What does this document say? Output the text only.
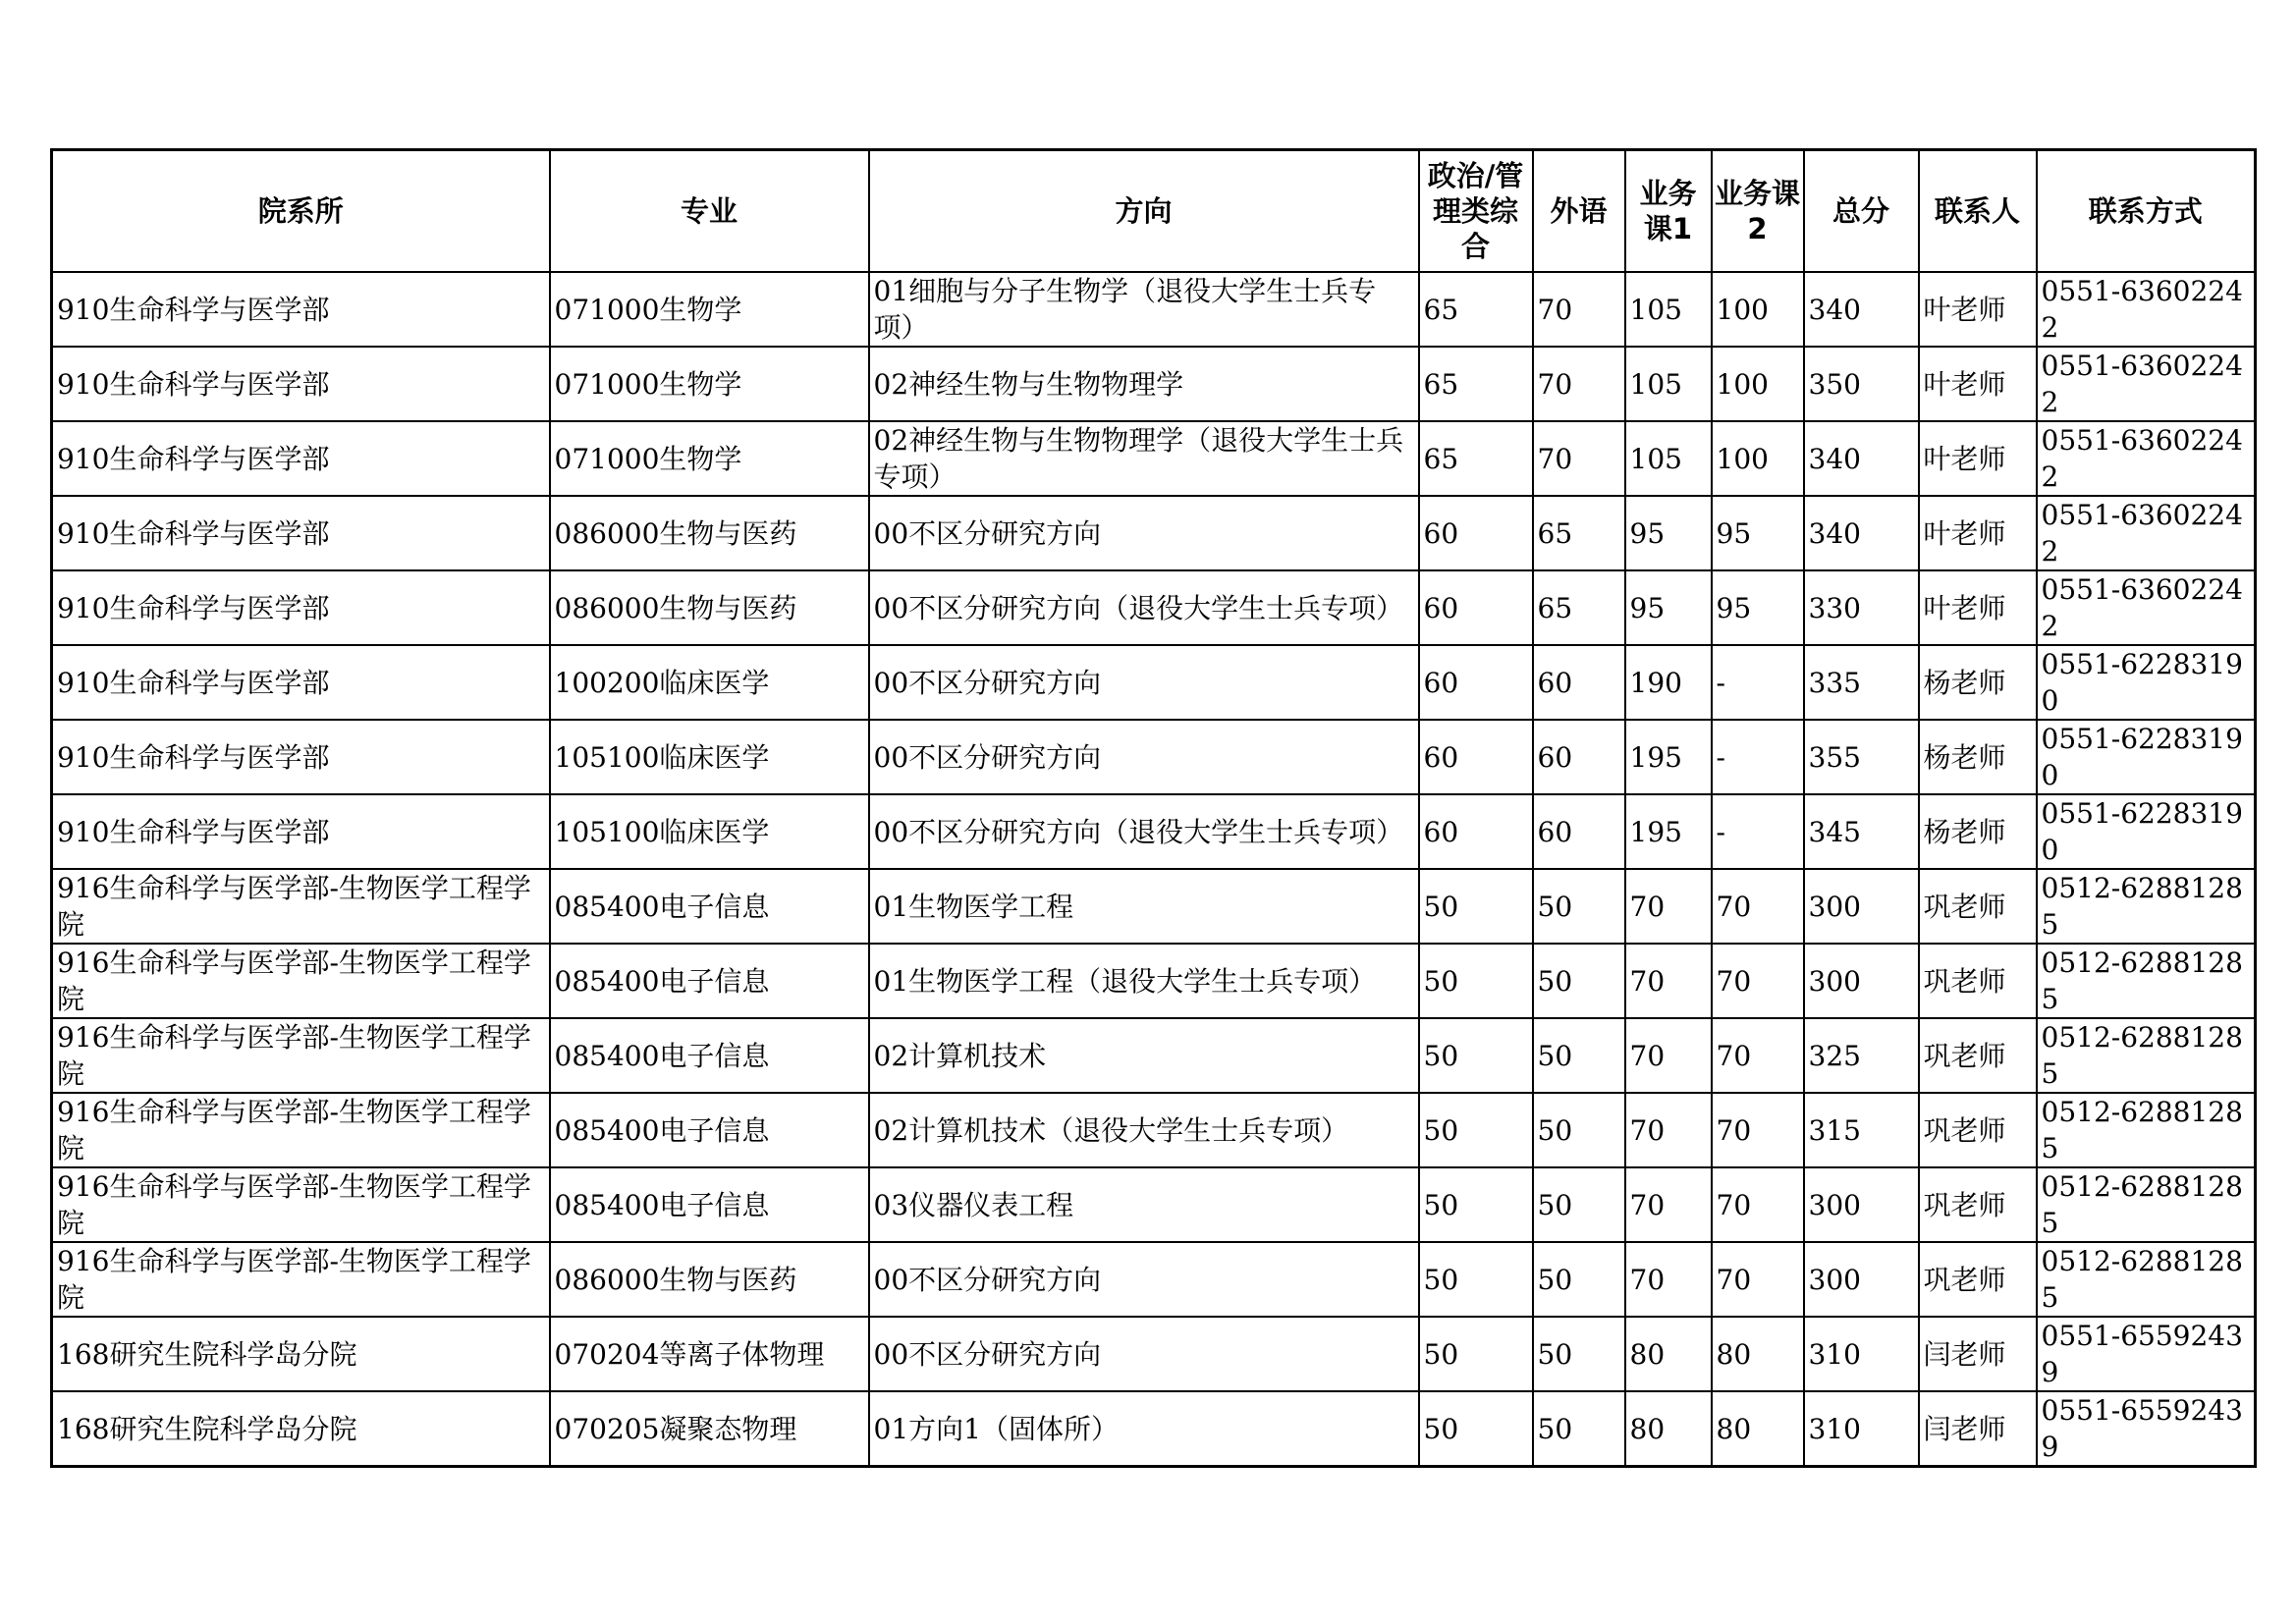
院系所	专业	方向	政治/管理类综合	外语	业务课1	业务课2	总分	联系人	联系方式
910生命科学与医学部	071000生物学	01细胞与分子生物学（退役大学生士兵专项）	65	70	105	100	340	叶老师	0551-63602242
910生命科学与医学部	071000生物学	02神经生物与生物物理学	65	70	105	100	350	叶老师	0551-63602242
910生命科学与医学部	071000生物学	02神经生物与生物物理学（退役大学生士兵专项）	65	70	105	100	340	叶老师	0551-63602242
910生命科学与医学部	086000生物与医药	00不区分研究方向	60	65	95	95	340	叶老师	0551-63602242
910生命科学与医学部	086000生物与医药	00不区分研究方向（退役大学生士兵专项）	60	65	95	95	330	叶老师	0551-63602242
910生命科学与医学部	100200临床医学	00不区分研究方向	60	60	190	-	335	杨老师	0551-62283190
910生命科学与医学部	105100临床医学	00不区分研究方向	60	60	195	-	355	杨老师	0551-62283190
910生命科学与医学部	105100临床医学	00不区分研究方向（退役大学生士兵专项）	60	60	195	-	345	杨老师	0551-62283190
916生命科学与医学部-生物医学工程学院	085400电子信息	01生物医学工程	50	50	70	70	300	巩老师	0512-62881285
916生命科学与医学部-生物医学工程学院	085400电子信息	01生物医学工程（退役大学生士兵专项）	50	50	70	70	300	巩老师	0512-62881285
916生命科学与医学部-生物医学工程学院	085400电子信息	02计算机技术	50	50	70	70	325	巩老师	0512-62881285
916生命科学与医学部-生物医学工程学院	085400电子信息	02计算机技术（退役大学生士兵专项）	50	50	70	70	315	巩老师	0512-62881285
916生命科学与医学部-生物医学工程学院	085400电子信息	03仪器仪表工程	50	50	70	70	300	巩老师	0512-62881285
916生命科学与医学部-生物医学工程学院	086000生物与医药	00不区分研究方向	50	50	70	70	300	巩老师	0512-62881285
168研究生院科学岛分院	070204等离子体物理	00不区分研究方向	50	50	80	80	310	闫老师	0551-65592439
168研究生院科学岛分院	070205凝聚态物理	01方向1（固体所）	50	50	80	80	310	闫老师	0551-65592439
